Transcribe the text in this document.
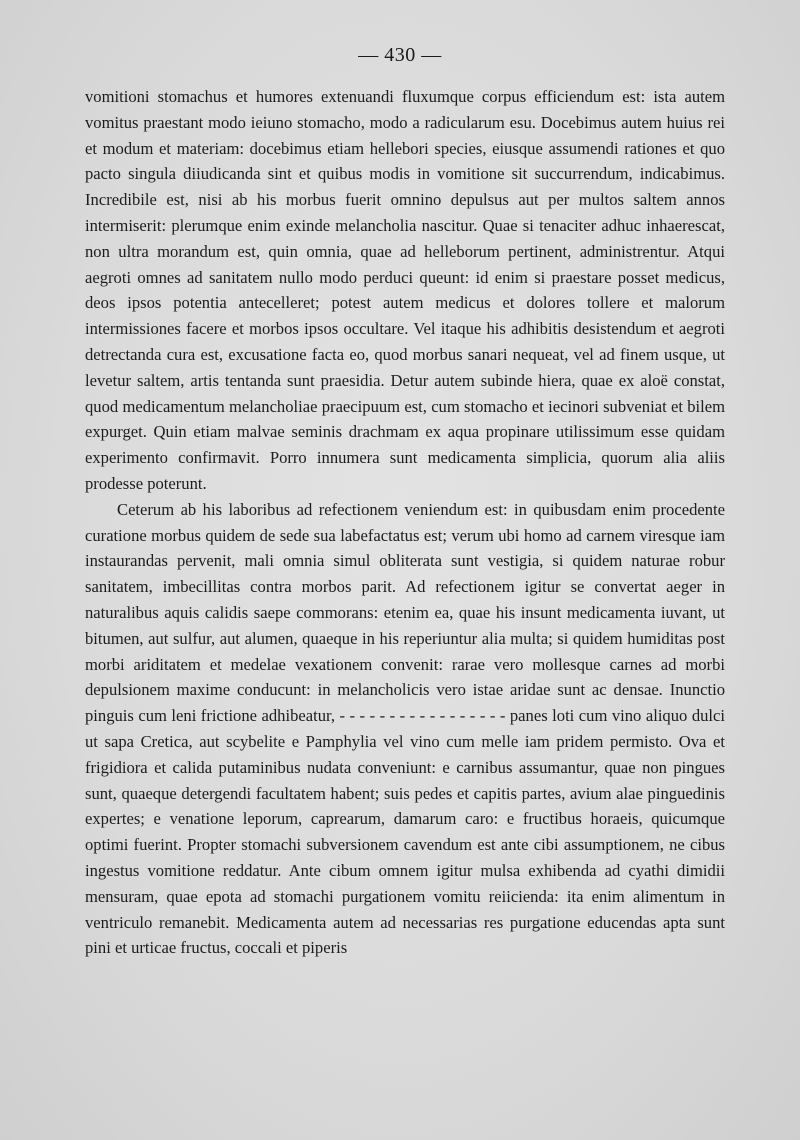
— 430 —

vomitioni stomachus et humores extenuandi fluxumque corpus efficiendum est: ista autem vomitus praestant modo ieiuno stomacho, modo a radicularum esu. Docebimus autem huius rei et modum et materiam: docebimus etiam hellebori species, eiusque assumendi rationes et quo pacto singula diiudicanda sint et quibus modis in vomitione sit succurrendum, indicabimus. Incredibile est, nisi ab his morbus fuerit omnino depulsus aut per multos saltem annos intermiserit: plerumque enim exinde melancholia nascitur. Quae si tenaciter adhuc inhaerescat, non ultra morandum est, quin omnia, quae ad helleborum pertinent, administrentur. Atqui aegroti omnes ad sanitatem nullo modo perduci queunt: id enim si praestare posset medicus, deos ipsos potentia antecelleret; potest autem medicus et dolores tollere et malorum intermissiones facere et morbos ipsos occultare. Vel itaque his adhibitis desistendum et aegroti detrectanda cura est, excusatione facta eo, quod morbus sanari nequeat, vel ad finem usque, ut levetur saltem, artis tentanda sunt praesidia. Detur autem subinde hiera, quae ex aloë constat, quod medicamentum melancholiae praecipuum est, cum stomacho et iecinori subveniat et bilem expurget. Quin etiam malvae seminis drachmam ex aqua propinare utilissimum esse quidam experimento confirmavit. Porro innumera sunt medicamenta simplicia, quorum alia aliis prodesse poterunt.

Ceterum ab his laboribus ad refectionem veniendum est: in quibusdam enim procedente curatione morbus quidem de sede sua labefactatus est; verum ubi homo ad carnem viresque iam instaurandas pervenit, mali omnia simul obliterata sunt vestigia, si quidem naturae robur sanitatem, imbecillitas contra morbos parit. Ad refectionem igitur se convertat aeger in naturalibus aquis calidis saepe commorans: etenim ea, quae his insunt medicamenta iuvant, ut bitumen, aut sulfur, aut alumen, quaeque in his reperiuntur alia multa; si quidem humiditas post morbi ariditatem et medelae vexationem convenit: rarae vero mollesque carnes ad morbi depulsionem maxime conducunt: in melancholicis vero istae aridae sunt ac densae. Inunctio pinguis cum leni frictione adhibeatur, - - - - - - - - - - - - - - - - - panes loti cum vino aliquo dulci ut sapa Cretica, aut scybelite e Pamphylia vel vino cum melle iam pridem permisto. Ova et frigidiora et calida putaminibus nudata conveniunt: e carnibus assumantur, quae non pingues sunt, quaeque detergendi facultatem habent; suis pedes et capitis partes, avium alae pinguedinis expertes; e venatione leporum, caprearum, damarum caro: e fructibus horaeis, quicumque optimi fuerint. Propter stomachi subversionem cavendum est ante cibi assumptionem, ne cibus ingestus vomitione reddatur. Ante cibum omnem igitur mulsa exhibenda ad cyathi dimidii mensuram, quae epota ad stomachi purgationem vomitu reiicienda: ita enim alimentum in ventriculo remanebit. Medicamenta autem ad necessarias res purgatione educendas apta sunt pini et urticae fructus, coccali et piperis
